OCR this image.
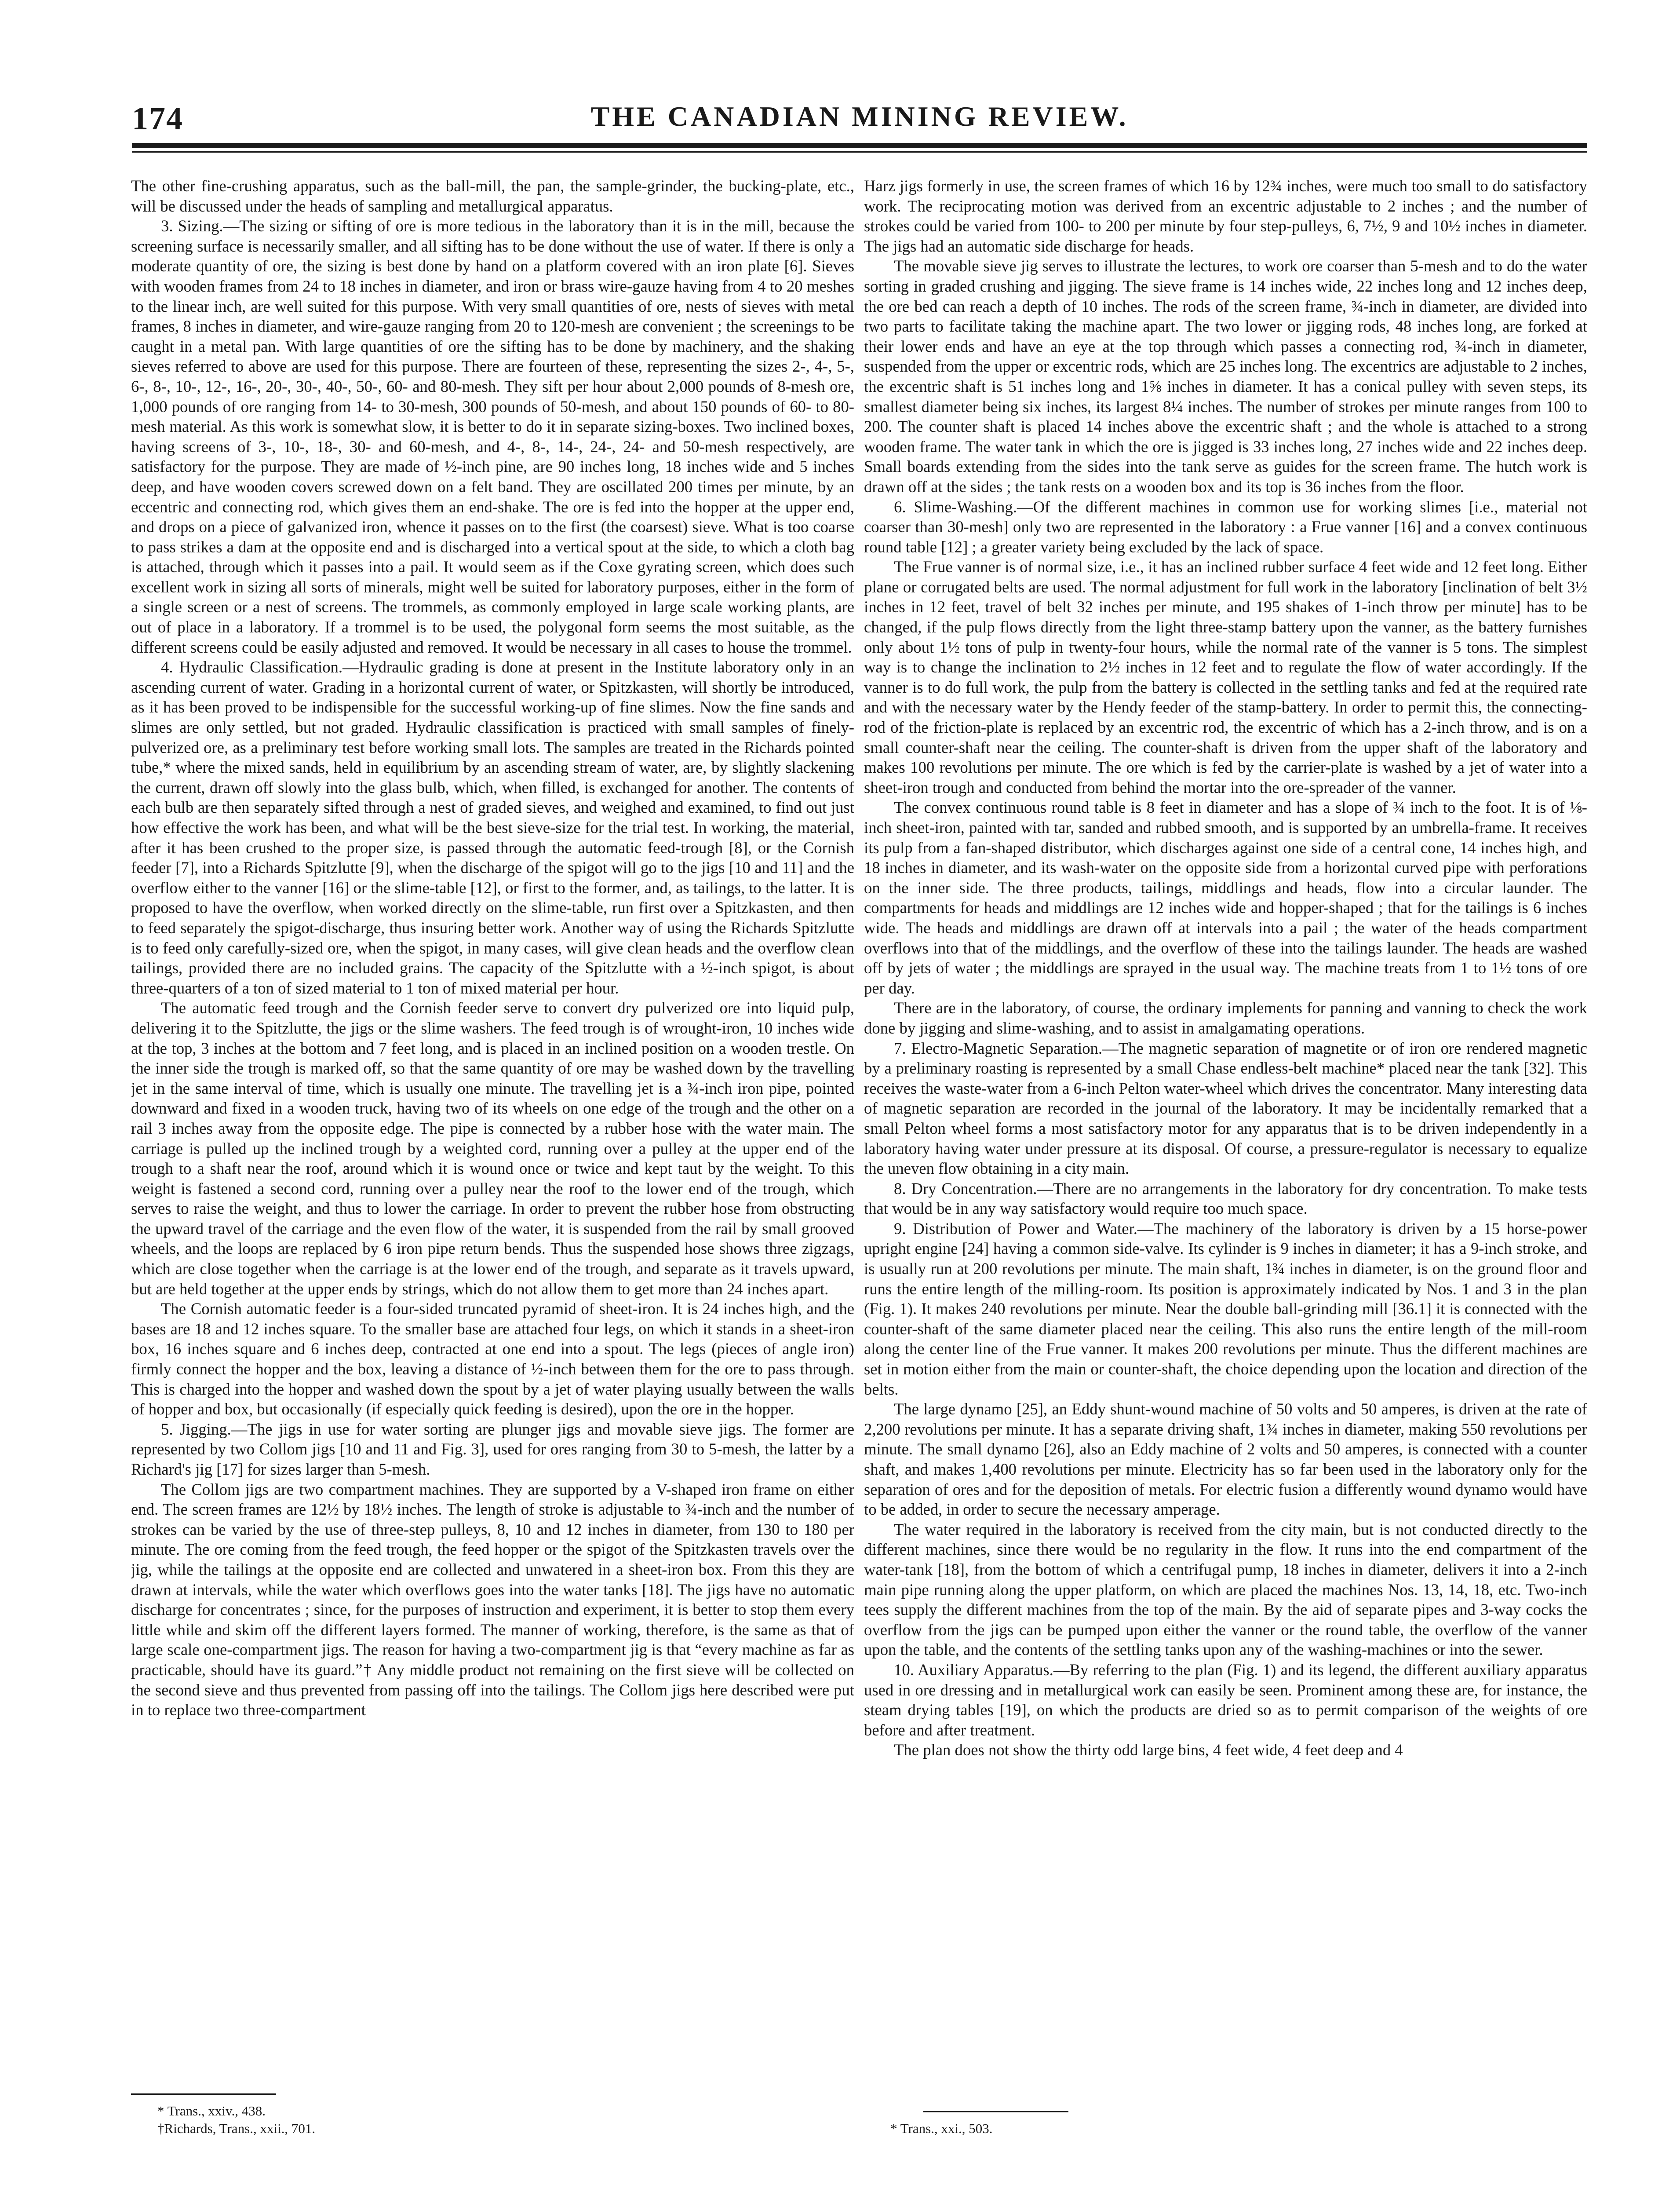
174	THE CANADIAN MINING REVIEW.

The other fine-crushing apparatus, such as the ball-mill, the pan, the sample-grinder, the bucking-plate, etc., will be discussed under the heads of sampling and metallurgical apparatus.

3. Sizing.—The sizing or sifting of ore is more tedious in the laboratory than it is in the mill, because the screening surface is necessarily smaller, and all sifting has to be done without the use of water. If there is only a moderate quantity of ore, the sizing is best done by hand on a platform covered with an iron plate [6]. Sieves with wooden frames from 24 to 18 inches in diameter, and iron or brass wire-gauze having from 4 to 20 meshes to the linear inch, are well suited for this purpose. With very small quantities of ore, nests of sieves with metal frames, 8 inches in diameter, and wire-gauze ranging from 20 to 120-mesh are convenient ; the screenings to be caught in a metal pan. With large quantities of ore the sifting has to be done by machinery, and the shaking sieves referred to above are used for this purpose. There are fourteen of these, representing the sizes 2-, 4-, 5-, 6-, 8-, 10-, 12-, 16-, 20-, 30-, 40-, 50-, 60- and 80-mesh. They sift per hour about 2,000 pounds of 8-mesh ore, 1,000 pounds of ore ranging from 14- to 30-mesh, 300 pounds of 50-mesh, and about 150 pounds of 60- to 80-mesh material. As this work is somewhat slow, it is better to do it in separate sizing-boxes. Two inclined boxes, having screens of 3-, 10-, 18-, 30- and 60-mesh, and 4-, 8-, 14-, 24-, 24- and 50-mesh respectively, are satisfactory for the purpose. They are made of ½-inch pine, are 90 inches long, 18 inches wide and 5 inches deep, and have wooden covers screwed down on a felt band. They are oscillated 200 times per minute, by an eccentric and connecting rod, which gives them an end-shake. The ore is fed into the hopper at the upper end, and drops on a piece of galvanized iron, whence it passes on to the first (the coarsest) sieve. What is too coarse to pass strikes a dam at the opposite end and is discharged into a vertical spout at the side, to which a cloth bag is attached, through which it passes into a pail. It would seem as if the Coxe gyrating screen, which does such excellent work in sizing all sorts of minerals, might well be suited for laboratory purposes, either in the form of a single screen or a nest of screens. The trommels, as commonly employed in large scale working plants, are out of place in a laboratory. If a trommel is to be used, the polygonal form seems the most suitable, as the different screens could be easily adjusted and removed. It would be necessary in all cases to house the trommel.

4. Hydraulic Classification.—Hydraulic grading is done at present in the Institute laboratory only in an ascending current of water. Grading in a horizontal current of water, or Spitzkasten, will shortly be introduced, as it has been proved to be indispensible for the successful working-up of fine slimes. Now the fine sands and slimes are only settled, but not graded. Hydraulic classification is practiced with small samples of finely-pulverized ore, as a preliminary test before working small lots. The samples are treated in the Richards pointed tube,* where the mixed sands, held in equilibrium by an ascending stream of water, are, by slightly slackening the current, drawn off slowly into the glass bulb, which, when filled, is exchanged for another. The contents of each bulb are then separately sifted through a nest of graded sieves, and weighed and examined, to find out just how effective the work has been, and what will be the best sieve-size for the trial test. In working, the material, after it has been crushed to the proper size, is passed through the automatic feed-trough [8], or the Cornish feeder [7], into a Richards Spitzlutte [9], when the discharge of the spigot will go to the jigs [10 and 11] and the overflow either to the vanner [16] or the slime-table [12], or first to the former, and, as tailings, to the latter. It is proposed to have the overflow, when worked directly on the slime-table, run first over a Spitzkasten, and then to feed separately the spigot-discharge, thus insuring better work. Another way of using the Richards Spitzlutte is to feed only carefully-sized ore, when the spigot, in many cases, will give clean heads and the overflow clean tailings, provided there are no included grains. The capacity of the Spitzlutte with a ½-inch spigot, is about three-quarters of a ton of sized material to 1 ton of mixed material per hour.

The automatic feed trough and the Cornish feeder serve to convert dry pulverized ore into liquid pulp, delivering it to the Spitzlutte, the jigs or the slime washers. The feed trough is of wrought-iron, 10 inches wide at the top, 3 inches at the bottom and 7 feet long, and is placed in an inclined position on a wooden trestle. On the inner side the trough is marked off, so that the same quantity of ore may be washed down by the travelling jet in the same interval of time, which is usually one minute. The travelling jet is a ¾-inch iron pipe, pointed downward and fixed in a wooden truck, having two of its wheels on one edge of the trough and the other on a rail 3 inches away from the opposite edge. The pipe is connected by a rubber hose with the water main. The carriage is pulled up the inclined trough by a weighted cord, running over a pulley at the upper end of the trough to a shaft near the roof, around which it is wound once or twice and kept taut by the weight. To this weight is fastened a second cord, running over a pulley near the roof to the lower end of the trough, which serves to raise the weight, and thus to lower the carriage. In order to prevent the rubber hose from obstructing the upward travel of the carriage and the even flow of the water, it is suspended from the rail by small grooved wheels, and the loops are replaced by 6 iron pipe return bends. Thus the suspended hose shows three zigzags, which are close together when the carriage is at the lower end of the trough, and separate as it travels upward, but are held together at the upper ends by strings, which do not allow them to get more than 24 inches apart.

The Cornish automatic feeder is a four-sided truncated pyramid of sheet-iron. It is 24 inches high, and the bases are 18 and 12 inches square. To the smaller base are attached four legs, on which it stands in a sheet-iron box, 16 inches square and 6 inches deep, contracted at one end into a spout. The legs (pieces of angle iron) firmly connect the hopper and the box, leaving a distance of ½-inch between them for the ore to pass through. This is charged into the hopper and washed down the spout by a jet of water playing usually between the walls of hopper and box, but occasionally (if especially quick feeding is desired), upon the ore in the hopper.

5. Jigging.—The jigs in use for water sorting are plunger jigs and movable sieve jigs. The former are represented by two Collom jigs [10 and 11 and Fig. 3], used for ores ranging from 30 to 5-mesh, the latter by a Richard's jig [17] for sizes larger than 5-mesh.

The Collom jigs are two compartment machines. They are supported by a V-shaped iron frame on either end. The screen frames are 12½ by 18½ inches. The length of stroke is adjustable to ¾-inch and the number of strokes can be varied by the use of three-step pulleys, 8, 10 and 12 inches in diameter, from 130 to 180 per minute. The ore coming from the feed trough, the feed hopper or the spigot of the Spitzkasten travels over the jig, while the tailings at the opposite end are collected and unwatered in a sheet-iron box. From this they are drawn at intervals, while the water which overflows goes into the water tanks [18]. The jigs have no automatic discharge for concentrates ; since, for the purposes of instruction and experiment, it is better to stop them every little while and skim off the different layers formed. The manner of working, therefore, is the same as that of large scale one-compartment jigs. The reason for having a two-compartment jig is that “every machine as far as practicable, should have its guard.”† Any middle product not remaining on the first sieve will be collected on the second sieve and thus prevented from passing off into the tailings. The Collom jigs here described were put in to replace two three-compartment

* Trans., xxiv., 438.

†Richards, Trans., xxii., 701.

Harz jigs formerly in use, the screen frames of which 16 by 12¾ inches, were much too small to do satisfactory work. The reciprocating motion was derived from an excentric adjustable to 2 inches ; and the number of strokes could be varied from 100- to 200 per minute by four step-pulleys, 6, 7½, 9 and 10½ inches in diameter. The jigs had an automatic side discharge for heads.

The movable sieve jig serves to illustrate the lectures, to work ore coarser than 5-mesh and to do the water sorting in graded crushing and jigging. The sieve frame is 14 inches wide, 22 inches long and 12 inches deep, the ore bed can reach a depth of 10 inches. The rods of the screen frame, ¾-inch in diameter, are divided into two parts to facilitate taking the machine apart. The two lower or jigging rods, 48 inches long, are forked at their lower ends and have an eye at the top through which passes a connecting rod, ¾-inch in diameter, suspended from the upper or excentric rods, which are 25 inches long. The excentrics are adjustable to 2 inches, the excentric shaft is 51 inches long and 1⅝ inches in diameter. It has a conical pulley with seven steps, its smallest diameter being six inches, its largest 8¼ inches. The number of strokes per minute ranges from 100 to 200. The counter shaft is placed 14 inches above the excentric shaft ; and the whole is attached to a strong wooden frame. The water tank in which the ore is jigged is 33 inches long, 27 inches wide and 22 inches deep. Small boards extending from the sides into the tank serve as guides for the screen frame. The hutch work is drawn off at the sides ; the tank rests on a wooden box and its top is 36 inches from the floor.

6. Slime-Washing.—Of the different machines in common use for working slimes [i.e., material not coarser than 30-mesh] only two are represented in the laboratory : a Frue vanner [16] and a convex continuous round table [12] ; a greater variety being excluded by the lack of space.

The Frue vanner is of normal size, i.e., it has an inclined rubber surface 4 feet wide and 12 feet long. Either plane or corrugated belts are used. The normal adjustment for full work in the laboratory [inclination of belt 3½ inches in 12 feet, travel of belt 32 inches per minute, and 195 shakes of 1-inch throw per minute] has to be changed, if the pulp flows directly from the light three-stamp battery upon the vanner, as the battery furnishes only about 1½ tons of pulp in twenty-four hours, while the normal rate of the vanner is 5 tons. The simplest way is to change the inclination to 2½ inches in 12 feet and to regulate the flow of water accordingly. If the vanner is to do full work, the pulp from the battery is collected in the settling tanks and fed at the required rate and with the necessary water by the Hendy feeder of the stamp-battery. In order to permit this, the connecting-rod of the friction-plate is replaced by an excentric rod, the excentric of which has a 2-inch throw, and is on a small counter-shaft near the ceiling. The counter-shaft is driven from the upper shaft of the laboratory and makes 100 revolutions per minute. The ore which is fed by the carrier-plate is washed by a jet of water into a sheet-iron trough and conducted from behind the mortar into the ore-spreader of the vanner.

The convex continuous round table is 8 feet in diameter and has a slope of ¾ inch to the foot. It is of ⅛-inch sheet-iron, painted with tar, sanded and rubbed smooth, and is supported by an umbrella-frame. It receives its pulp from a fan-shaped distributor, which discharges against one side of a central cone, 14 inches high, and 18 inches in diameter, and its wash-water on the opposite side from a horizontal curved pipe with perforations on the inner side. The three products, tailings, middlings and heads, flow into a circular launder. The compartments for heads and middlings are 12 inches wide and hopper-shaped ; that for the tailings is 6 inches wide. The heads and middlings are drawn off at intervals into a pail ; the water of the heads compartment overflows into that of the middlings, and the overflow of these into the tailings launder. The heads are washed off by jets of water ; the middlings are sprayed in the usual way. The machine treats from 1 to 1½ tons of ore per day.

There are in the laboratory, of course, the ordinary implements for panning and vanning to check the work done by jigging and slime-washing, and to assist in amalgamating operations.

7. Electro-Magnetic Separation.—The magnetic separation of magnetite or of iron ore rendered magnetic by a preliminary roasting is represented by a small Chase endless-belt machine* placed near the tank [32]. This receives the waste-water from a 6-inch Pelton water-wheel which drives the concentrator. Many interesting data of magnetic separation are recorded in the journal of the laboratory. It may be incidentally remarked that a small Pelton wheel forms a most satisfactory motor for any apparatus that is to be driven independently in a laboratory having water under pressure at its disposal. Of course, a pressure-regulator is necessary to equalize the uneven flow obtaining in a city main.

8. Dry Concentration.—There are no arrangements in the laboratory for dry concentration. To make tests that would be in any way satisfactory would require too much space.

9. Distribution of Power and Water.—The machinery of the laboratory is driven by a 15 horse-power upright engine [24] having a common side-valve. Its cylinder is 9 inches in diameter; it has a 9-inch stroke, and is usually run at 200 revolutions per minute. The main shaft, 1¾ inches in diameter, is on the ground floor and runs the entire length of the milling-room. Its position is approximately indicated by Nos. 1 and 3 in the plan (Fig. 1). It makes 240 revolutions per minute. Near the double ball-grinding mill [36.1] it is connected with the counter-shaft of the same diameter placed near the ceiling. This also runs the entire length of the mill-room along the center line of the Frue vanner. It makes 200 revolutions per minute. Thus the different machines are set in motion either from the main or counter-shaft, the choice depending upon the location and direction of the belts.

The large dynamo [25], an Eddy shunt-wound machine of 50 volts and 50 amperes, is driven at the rate of 2,200 revolutions per minute. It has a separate driving shaft, 1¾ inches in diameter, making 550 revolutions per minute. The small dynamo [26], also an Eddy machine of 2 volts and 50 amperes, is connected with a counter shaft, and makes 1,400 revolutions per minute. Electricity has so far been used in the laboratory only for the separation of ores and for the deposition of metals. For electric fusion a differently wound dynamo would have to be added, in order to secure the necessary amperage.

The water required in the laboratory is received from the city main, but is not conducted directly to the different machines, since there would be no regularity in the flow. It runs into the end compartment of the water-tank [18], from the bottom of which a centrifugal pump, 18 inches in diameter, delivers it into a 2-inch main pipe running along the upper platform, on which are placed the machines Nos. 13, 14, 18, etc. Two-inch tees supply the different machines from the top of the main. By the aid of separate pipes and 3-way cocks the overflow from the jigs can be pumped upon either the vanner or the round table, the overflow of the vanner upon the table, and the contents of the settling tanks upon any of the washing-machines or into the sewer.

10. Auxiliary Apparatus.—By referring to the plan (Fig. 1) and its legend, the different auxiliary apparatus used in ore dressing and in metallurgical work can easily be seen. Prominent among these are, for instance, the steam drying tables [19], on which the products are dried so as to permit comparison of the weights of ore before and after treatment.

The plan does not show the thirty odd large bins, 4 feet wide, 4 feet deep and 4

* Trans., xxi., 503.
